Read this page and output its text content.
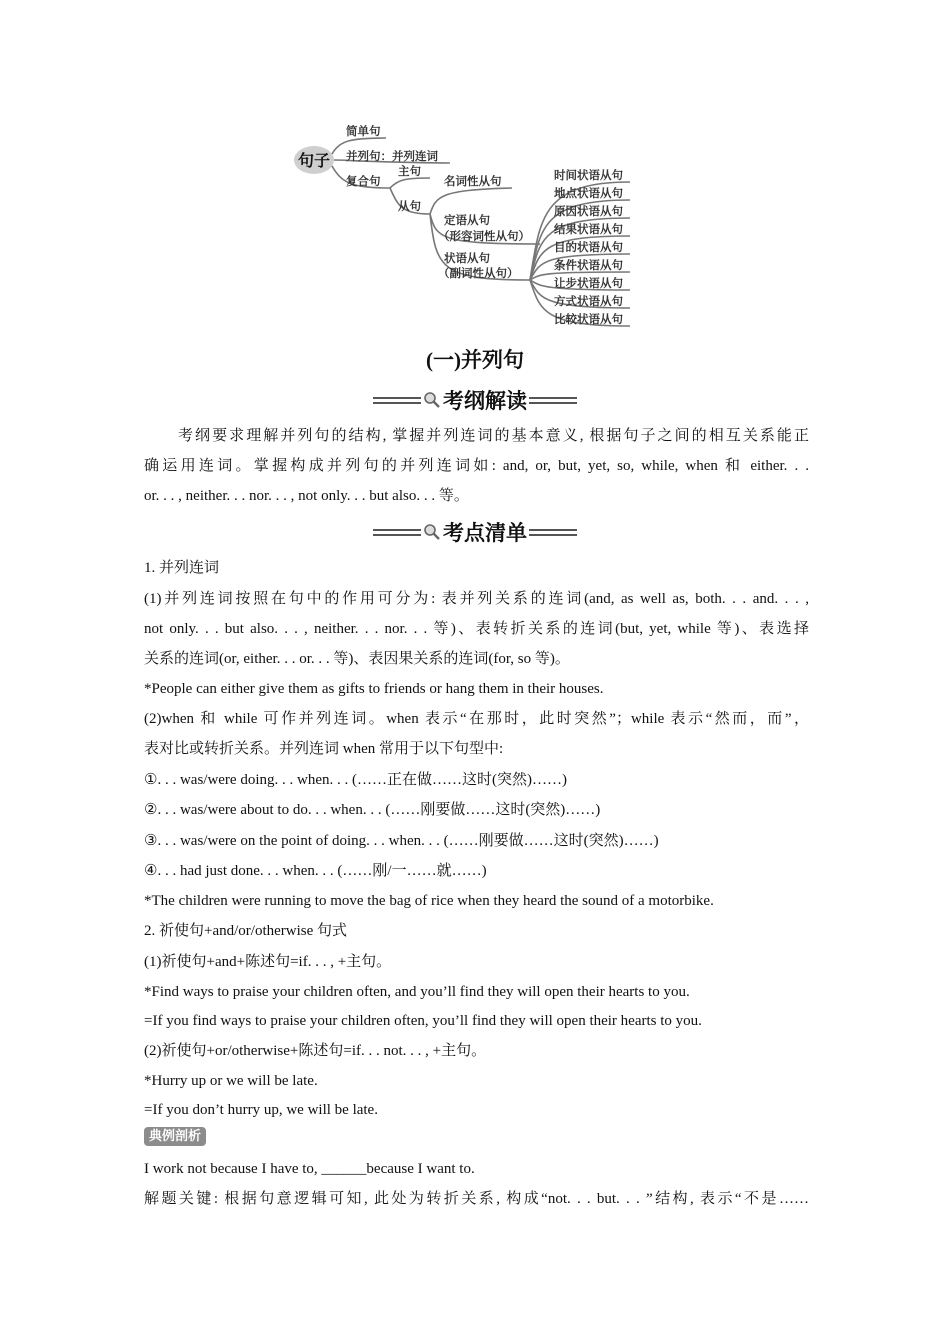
句子
简单句
并列句：并列连词
复合句
主句
从句
名词性从句
定语从句
（形容词性从句）
状语从句
（副词性从句）
时间状语从句
地点状语从句
原因状语从句
结果状语从句
目的状语从句
条件状语从句
让步状语从句
方式状语从句
比较状语从句
(一)并列句
考纲解读
考纲要求理解并列句的结构, 掌握并列连词的基本意义, 根据句子之间的相互关系能正
确运用连词。掌握构成并列句的并列连词如: and, or, but, yet, so, while, when 和 either. . .
or. . . , neither. . . nor. . . , not only. . . but also. . . 等。
考点清单
1. 并列连词
(1)并列连词按照在句中的作用可分为: 表并列关系的连词(and, as well as, both. . . and. . . ,
not only. . . but also. . . , neither. . . nor. . . 等)、表转折关系的连词(but, yet, while 等)、表选择
关系的连词(or, either. . . or. . . 等)、表因果关系的连词(for, so 等)。
*People can either give them as gifts to friends or hang them in their houses.
(2)when 和 while 可作并列连词。when 表示“在那时，此时突然”；while 表示“然而，而”，
表对比或转折关系。并列连词 when 常用于以下句型中:
①. . . was/were doing. . . when. . . (……正在做……这时(突然)……)
②. . . was/were about to do. . . when. . . (……刚要做……这时(突然)……)
③. . . was/were on the point of doing. . . when. . . (……刚要做……这时(突然)……)
④. . . had just done. . . when. . . (……刚/一……就……)
*The children were running to move the bag of rice when they heard the sound of a motorbike.
2. 祈使句+and/or/otherwise 句式
(1)祈使句+and+陈述句=if. . . , +主句。
*Find ways to praise your children often, and you’ll find they will open their hearts to you.
=If you find ways to praise your children often, you’ll find they will open their hearts to you.
(2)祈使句+or/otherwise+陈述句=if. . . not. . . , +主句。
*Hurry up or we will be late.
=If you don’t hurry up, we will be late.
典例剖析
I work not because I have to, ______because I want to.
解题关键: 根据句意逻辑可知, 此处为转折关系, 构成“not. . . but. . . ”结构, 表示“不是……
